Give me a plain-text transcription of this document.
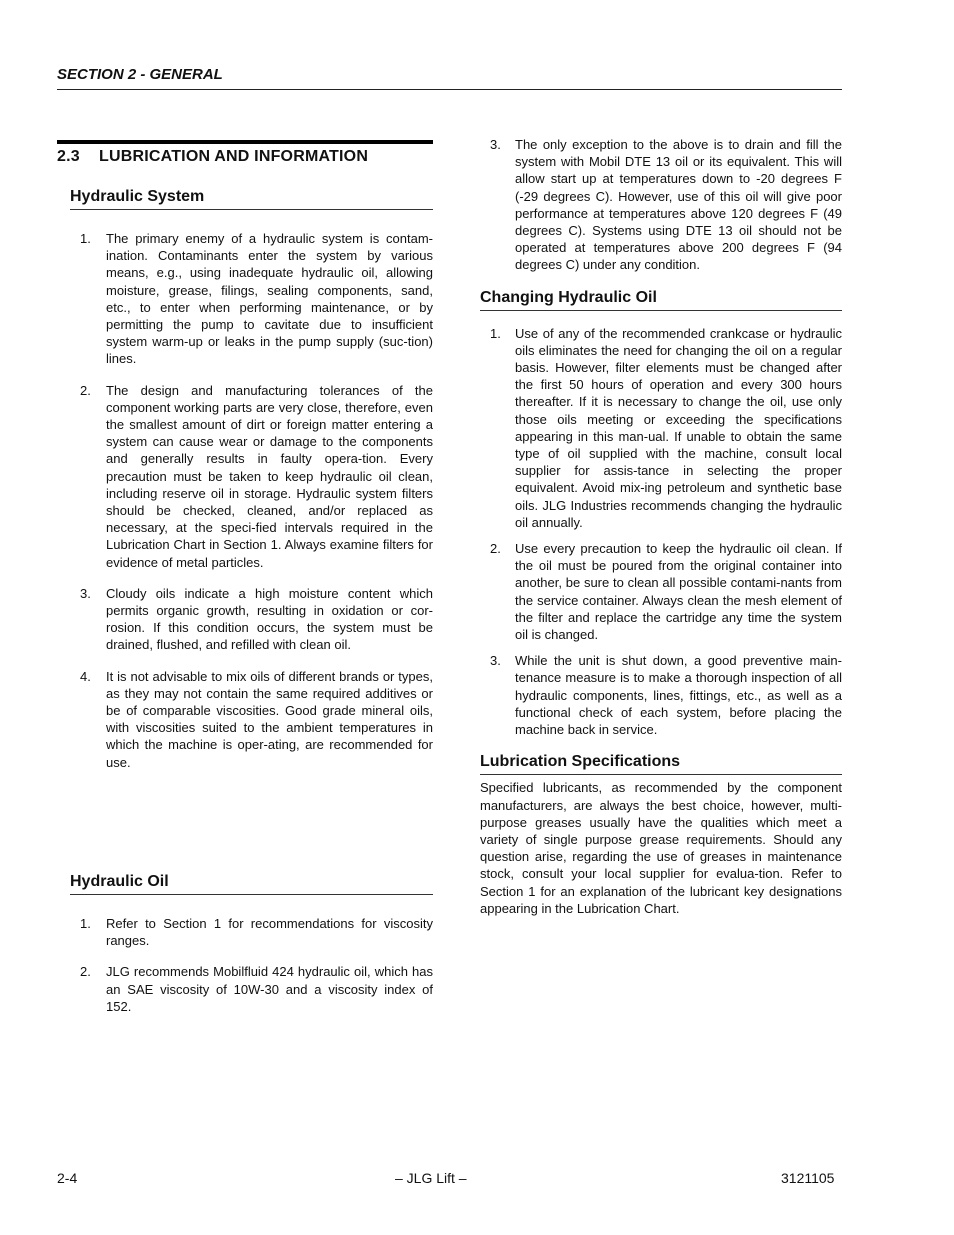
SECTION 2 - GENERAL
2.3 LUBRICATION AND INFORMATION
Hydraulic System
1. The primary enemy of a hydraulic system is contam-ination. Contaminants enter the system by various means, e.g., using inadequate hydraulic oil, allowing moisture, grease, filings, sealing components, sand, etc., to enter when performing maintenance, or by permitting the pump to cavitate due to insufficient system warm-up or leaks in the pump supply (suc-tion) lines.
2. The design and manufacturing tolerances of the component working parts are very close, therefore, even the smallest amount of dirt or foreign matter entering a system can cause wear or damage to the components and generally results in faulty opera-tion. Every precaution must be taken to keep hydraulic oil clean, including reserve oil in storage. Hydraulic system filters should be checked, cleaned, and/or replaced as necessary, at the speci-fied intervals required in the Lubrication Chart in Section 1. Always examine filters for evidence of metal particles.
3. Cloudy oils indicate a high moisture content which permits organic growth, resulting in oxidation or cor-rosion. If this condition occurs, the system must be drained, flushed, and refilled with clean oil.
4. It is not advisable to mix oils of different brands or types, as they may not contain the same required additives or be of comparable viscosities. Good grade mineral oils, with viscosities suited to the ambient temperatures in which the machine is oper-ating, are recommended for use.
Hydraulic Oil
1. Refer to Section 1 for recommendations for viscosity ranges.
2. JLG recommends Mobilfluid 424 hydraulic oil, which has an SAE viscosity of 10W-30 and a viscosity index of 152.
3. The only exception to the above is to drain and fill the system with Mobil DTE 13 oil or its equivalent. This will allow start up at temperatures down to -20 degrees F (-29 degrees C). However, use of this oil will give poor performance at temperatures above 120 degrees F (49 degrees C). Systems using DTE 13 oil should not be operated at temperatures above 200 degrees F (94 degrees C) under any condition.
Changing Hydraulic Oil
1. Use of any of the recommended crankcase or hydraulic oils eliminates the need for changing the oil on a regular basis. However, filter elements must be changed after the first 50 hours of operation and every 300 hours thereafter. If it is necessary to change the oil, use only those oils meeting or exceeding the specifications appearing in this man-ual. If unable to obtain the same type of oil supplied with the machine, consult local supplier for assis-tance in selecting the proper equivalent. Avoid mix-ing petroleum and synthetic base oils. JLG Industries recommends changing the hydraulic oil annually.
2. Use every precaution to keep the hydraulic oil clean. If the oil must be poured from the original container into another, be sure to clean all possible contami-nants from the service container. Always clean the mesh element of the filter and replace the cartridge any time the system oil is changed.
3. While the unit is shut down, a good preventive main-tenance measure is to make a thorough inspection of all hydraulic components, lines, fittings, etc., as well as a functional check of each system, before placing the machine back in service.
Lubrication Specifications
Specified lubricants, as recommended by the component manufacturers, are always the best choice, however, multi-purpose greases usually have the qualities which meet a variety of single purpose grease requirements. Should any question arise, regarding the use of greases in maintenance stock, consult your local supplier for evalua-tion. Refer to Section 1 for an explanation of the lubricant key designations appearing in the Lubrication Chart.
2-4	– JLG Lift –	3121105
